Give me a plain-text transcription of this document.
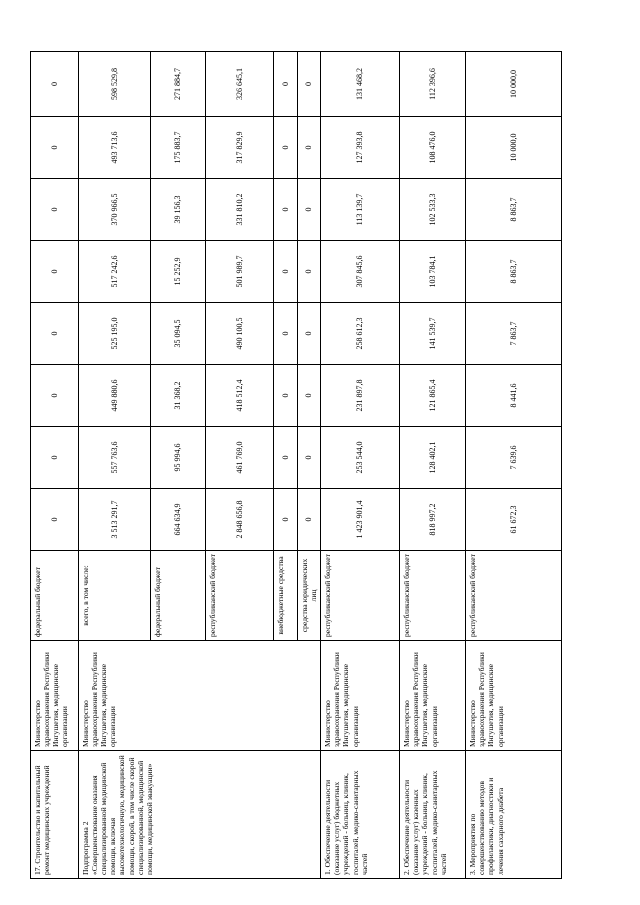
17. Строительство и капитальный ремонт медицинских учреждений	Министерство здравоохранения Республики Ингушетия, медицинские организации	федеральный бюджет	0	0	0	0	0	0	0	0
Подпрограмма 2 «Совершенствование оказания специализированной медицинской помощи, включая высокотехнологичную, медицинской помощи, скорой, в том числе скорой специализированной, медицинской помощи, медицинской эвакуации»	Министерство здравоохранения Республики Ингушетия, медицинские организации	всего, в том числе:	3 513 291,7	557 763,6	449 880,6	525 195,0	517 242,6	370 966,5	493 713,6	598 529,8
		федеральный бюджет	664 634,9	95 994,6	31 368,2	35 094,5	15 252,9	39 156,3	175 883,7	271 884,7
		республиканский бюджет	2 848 656,8	461 769,0	418 512,4	490 100,5	501 989,7	331 810,2	317 829,9	326 645,1
		внебюджетные средства	0	0	0	0	0	0	0	0
		средства юридических лиц	0	0	0	0	0	0	0	0
1. Обеспечение деятельности (оказание услуг) бюджетных учреждений - больниц, клиник, госпиталей, медико-санитарных частей	Министерство здравоохранения Республики Ингушетия, медицинские организации	республиканский бюджет	1 423 901,4	253 544,0	231 897,8	258 612,3	307 845,6	113 139,7	127 393,8	131 468,2
2. Обеспечение деятельности (оказание услуг) казенных учреждений - больниц, клиник, госпиталей, медико-санитарных частей	Министерство здравоохранения Республики Ингушетия, медицинские организации	республиканский бюджет	818 997,2	128 402,1	121 865,4	141 539,7	103 784,1	102 533,3	108 476,0	112 396,6
3. Мероприятия по совершенствованию методов профилактики, диагностики и лечения сахарного диабета	Министерство здравоохранения Республики Ингушетия, медицинские организации	республиканский бюджет	61 672,3	7 639,6	8 441,6	7 863,7	8 863,7	8 863,7	10 000,0	10 000,0
